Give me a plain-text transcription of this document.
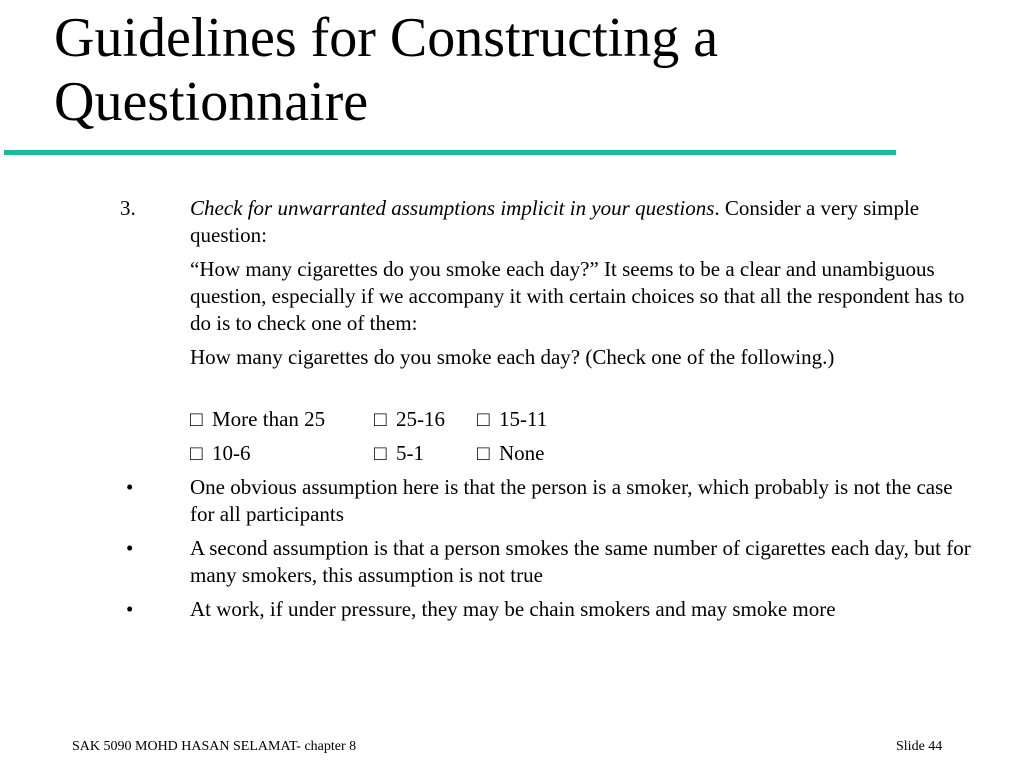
Guidelines for Constructing a
Questionnaire
3.	Check for unwarranted assumptions implicit in your questions. Consider a very simple question:
“How many cigarettes do you smoke each day?” It seems to be a clear and unambiguous question, especially if we accompany it with certain choices so that all the respondent has to do is to check one of them:
How many cigarettes do you smoke each day? (Check one of the following.)
□ More than 25 □ 25-16 □ 15-11
□ 10-6	□ 5-1	□ None
•	One obvious assumption here is that the person is a smoker, which probably is not the case for all participants
•	A second assumption is that a person smokes the same number of cigarettes each day, but for many smokers, this assumption is not true
•	At work, if under pressure, they may be chain smokers and may smoke more
SAK 5090 MOHD HASAN SELAMAT- chapter 8	Slide 44
